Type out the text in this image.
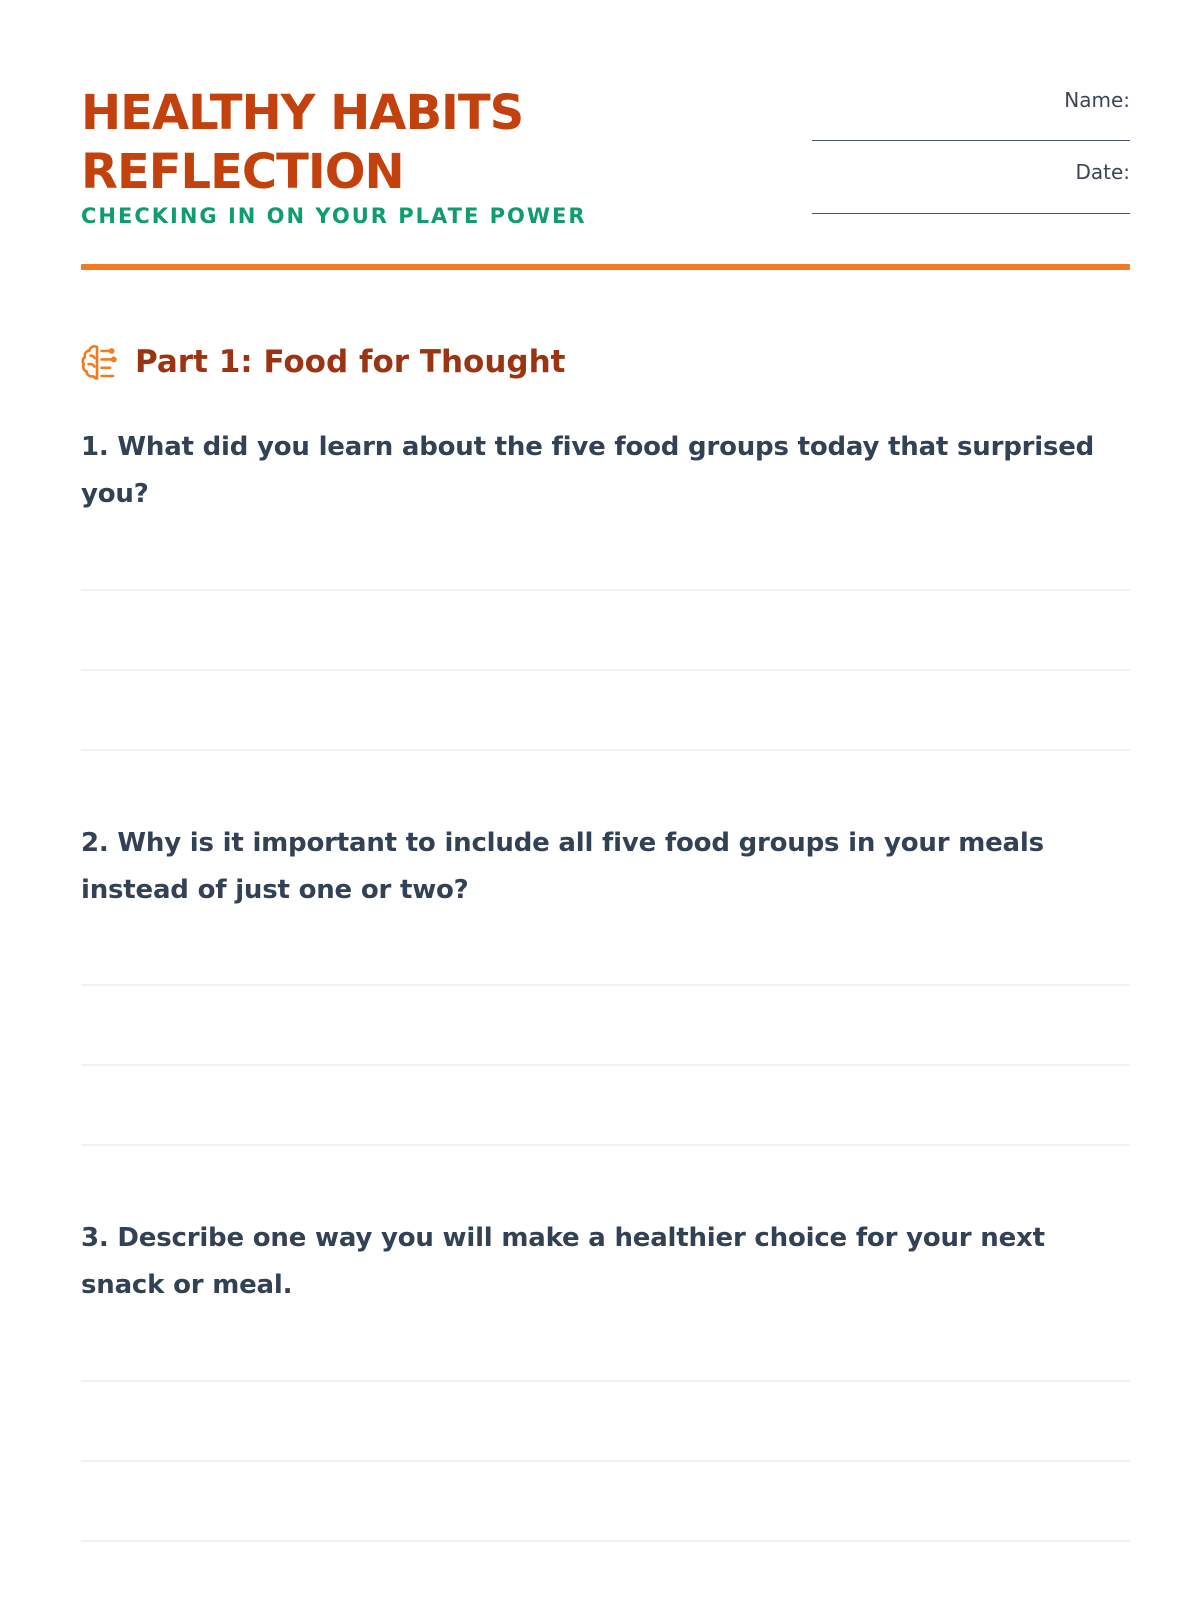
HEALTHY HABITS REFLECTION

CHECKING IN ON YOUR PLATE POWER

Name:
Date:
Part 1: Food for Thought

1. What did you learn about the five food groups today that surprised you?

2. Why is it important to include all five food groups in your meals instead of just one or two?

3. Describe one way you will make a healthier choice for your next snack or meal.
